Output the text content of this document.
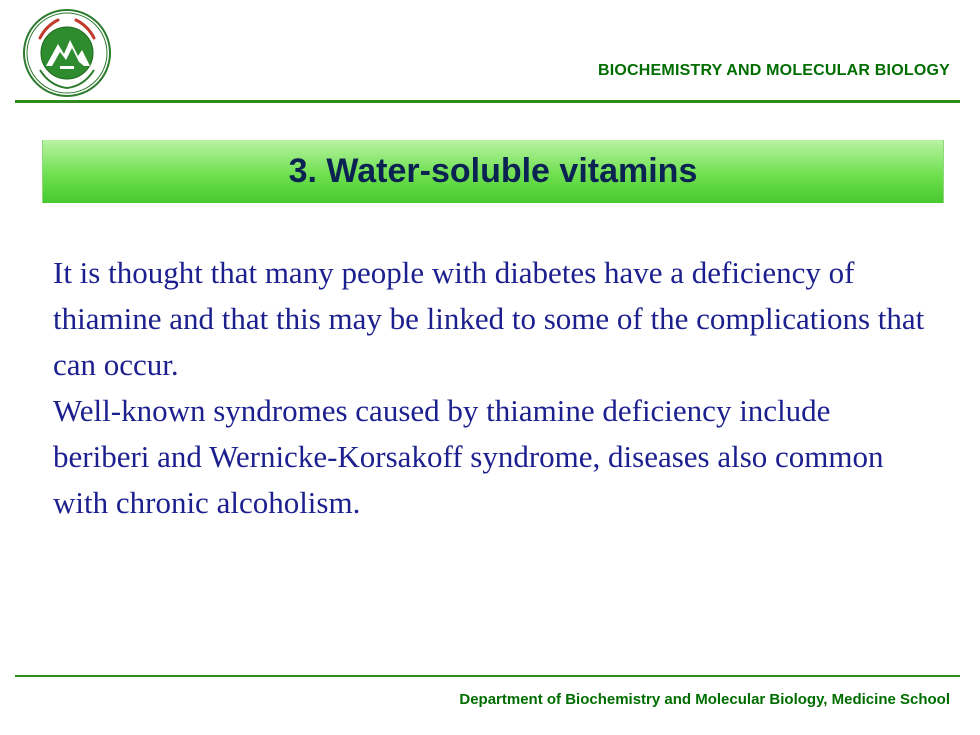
BIOCHEMISTRY AND MOLECULAR BIOLOGY
3. Water-soluble vitamins

It is thought that many people with diabetes have a deficiency of thiamine and that this may be linked to some of the complications that can occur.

Well-known syndromes caused by thiamine deficiency include beriberi and Wernicke-Korsakoff syndrome, diseases also common with chronic alcoholism.

Department of Biochemistry and Molecular Biology, Medicine School
